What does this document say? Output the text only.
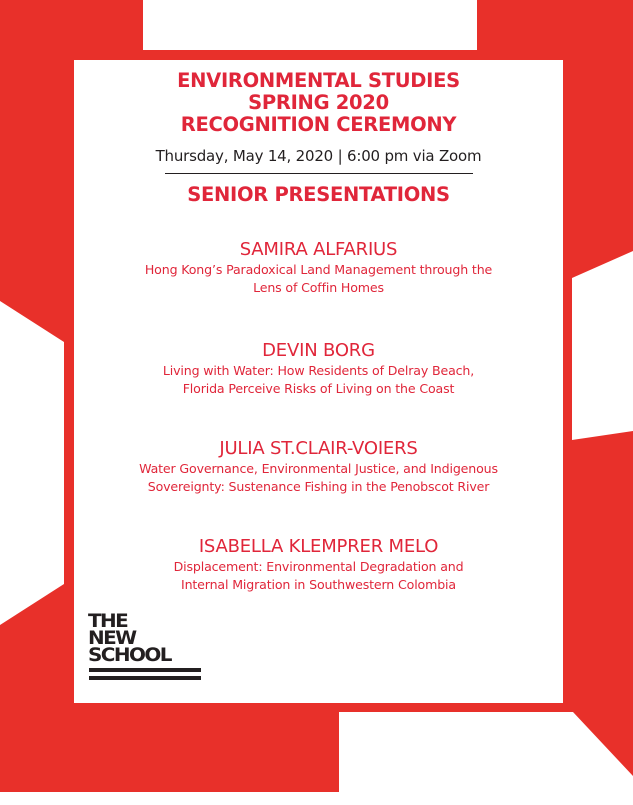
ENVIRONMENTAL STUDIES
SPRING 2020
RECOGNITION CEREMONY
Thursday, May 14, 2020 | 6:00 pm via Zoom
SENIOR PRESENTATIONS
SAMIRA ALFARIUS
Hong Kong’s Paradoxical Land Management through the
Lens of Coffin Homes
DEVIN BORG
Living with Water: How Residents of Delray Beach,
Florida Perceive Risks of Living on the Coast
JULIA ST.CLAIR-VOIERS
Water Governance, Environmental Justice, and Indigenous
Sovereignty: Sustenance Fishing in the Penobscot River
ISABELLA KLEMPRER MELO
Displacement: Environmental Degradation and
Internal Migration in Southwestern Colombia
THE
NEW
SCHOOL
